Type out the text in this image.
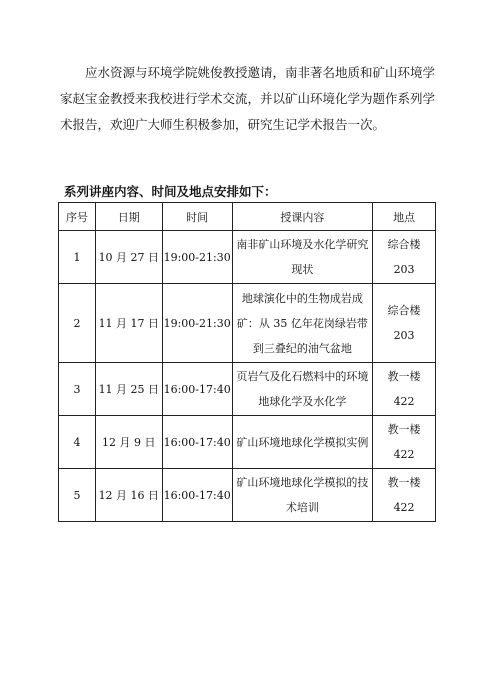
应水资源与环境学院姚俊教授邀请，南非著名地质和矿山环境学家赵宝金教授来我校进行学术交流，并以矿山环境化学为题作系列学术报告，欢迎广大师生积极参加，研究生记学术报告一次。

系列讲座内容、时间及地点安排如下：

序号	日期	时间	授课内容	地点
1	10 月 27 日	19:00-21:30	南非矿山环境及水化学研究现状	综合楼
203

2	11 月 17 日	19:00-21:30	地球演化中的生物成岩成矿：从 35 亿年花岗绿岩带到三叠纪的油气盆地	综合楼
203

3	11 月 25 日	16:00-17:40	页岩气及化石燃料中的环境地球化学及水化学	教一楼
422

4	12 月 9 日	16:00-17:40	矿山环境地球化学模拟实例	教一楼
422

5	12 月 16 日	16:00-17:40	矿山环境地球化学模拟的技术培训	教一楼
422
